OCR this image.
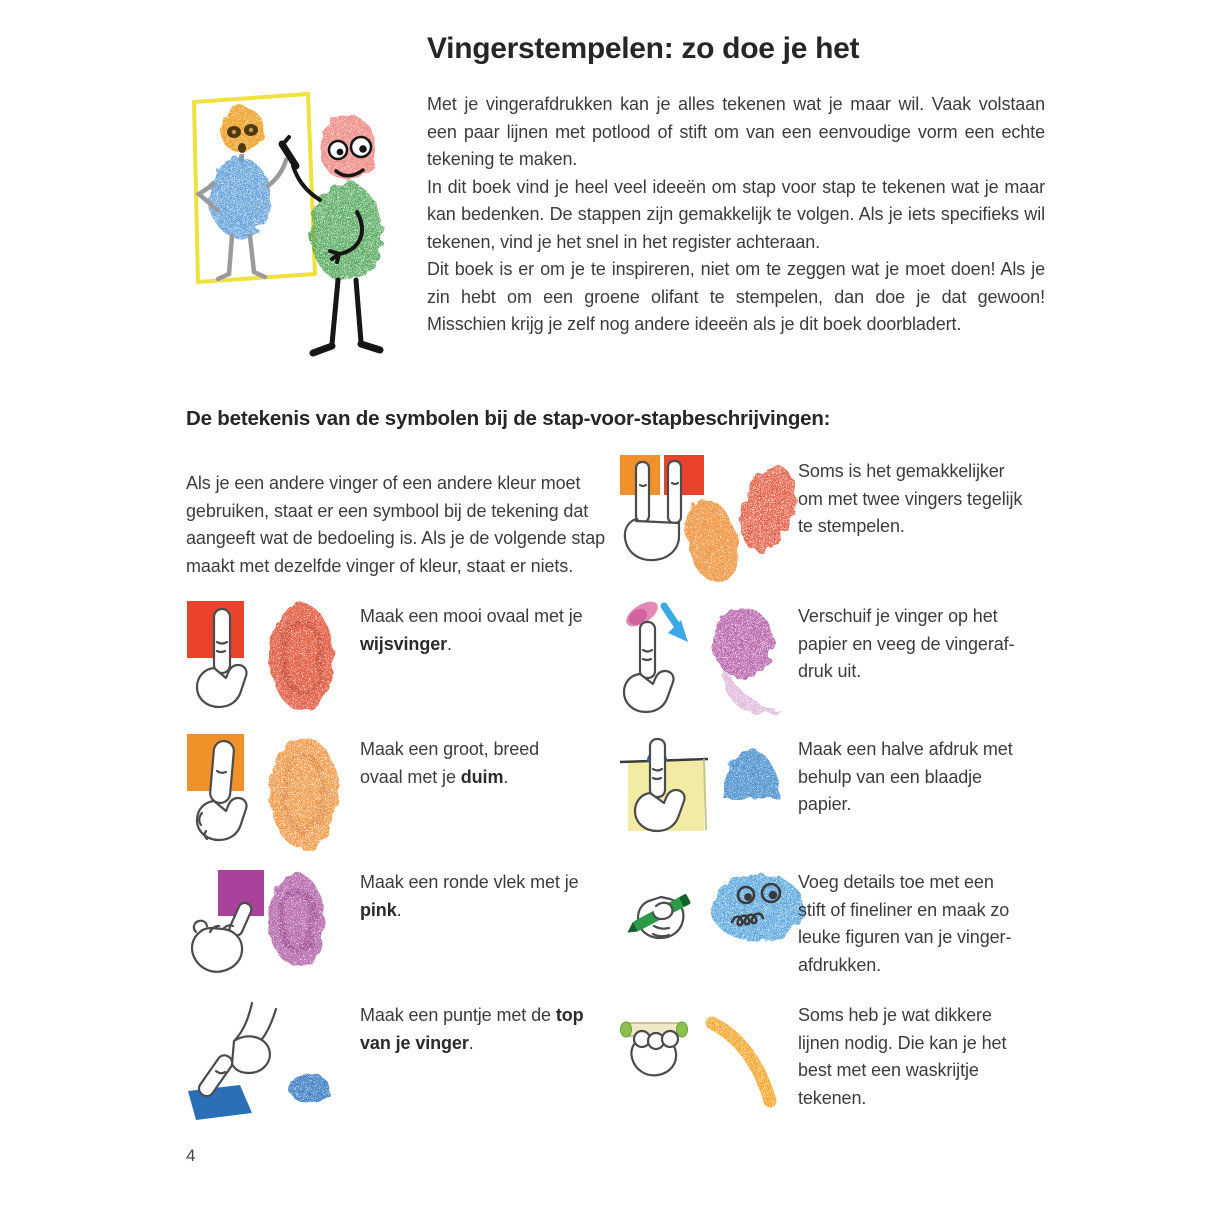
Vingerstempelen: zo doe je het

Met je vingerafdrukken kan je alles tekenen wat je maar wil. Vaak volstaan een paar lijnen met potlood of stift om van een eenvoudige vorm een echte tekening te maken.

In dit boek vind je heel veel ideeën om stap voor stap te tekenen wat je maar kan bedenken. De stappen zijn gemakkelijk te volgen. Als je iets specifieks wil tekenen, vind je het snel in het register achteraan.

Dit boek is er om je te inspireren, niet om te zeggen wat je moet doen! Als je zin hebt om een groene olifant te stempelen, dan doe je dat gewoon! Misschien krijg je zelf nog andere ideeën als je dit boek doorbladert.

De betekenis van de symbolen bij de stap-voor-stapbeschrijvingen:

Als je een andere vinger of een andere kleur moet gebruiken, staat er een symbool bij de tekening dat aangeeft wat de bedoeling is. Als je de volgende stap maakt met dezelfde vinger of kleur, staat er niets.

Soms is het gemakkelijker om met twee vingers tegelijk te stempelen.

Maak een mooi ovaal met je wijsvinger.

Verschuif je vinger op het papier en veeg de vingerafdruk uit.

Maak een groot, breed ovaal met je duim.

Maak een halve afdruk met behulp van een blaadje papier.

Maak een ronde vlek met je pink.

Voeg details toe met een stift of fineliner en maak zo leuke figuren van je vingerafdrukken.

Maak een puntje met de top van je vinger.

Soms heb je wat dikkere lijnen nodig. Die kan je het best met een waskrijtje tekenen.

4
